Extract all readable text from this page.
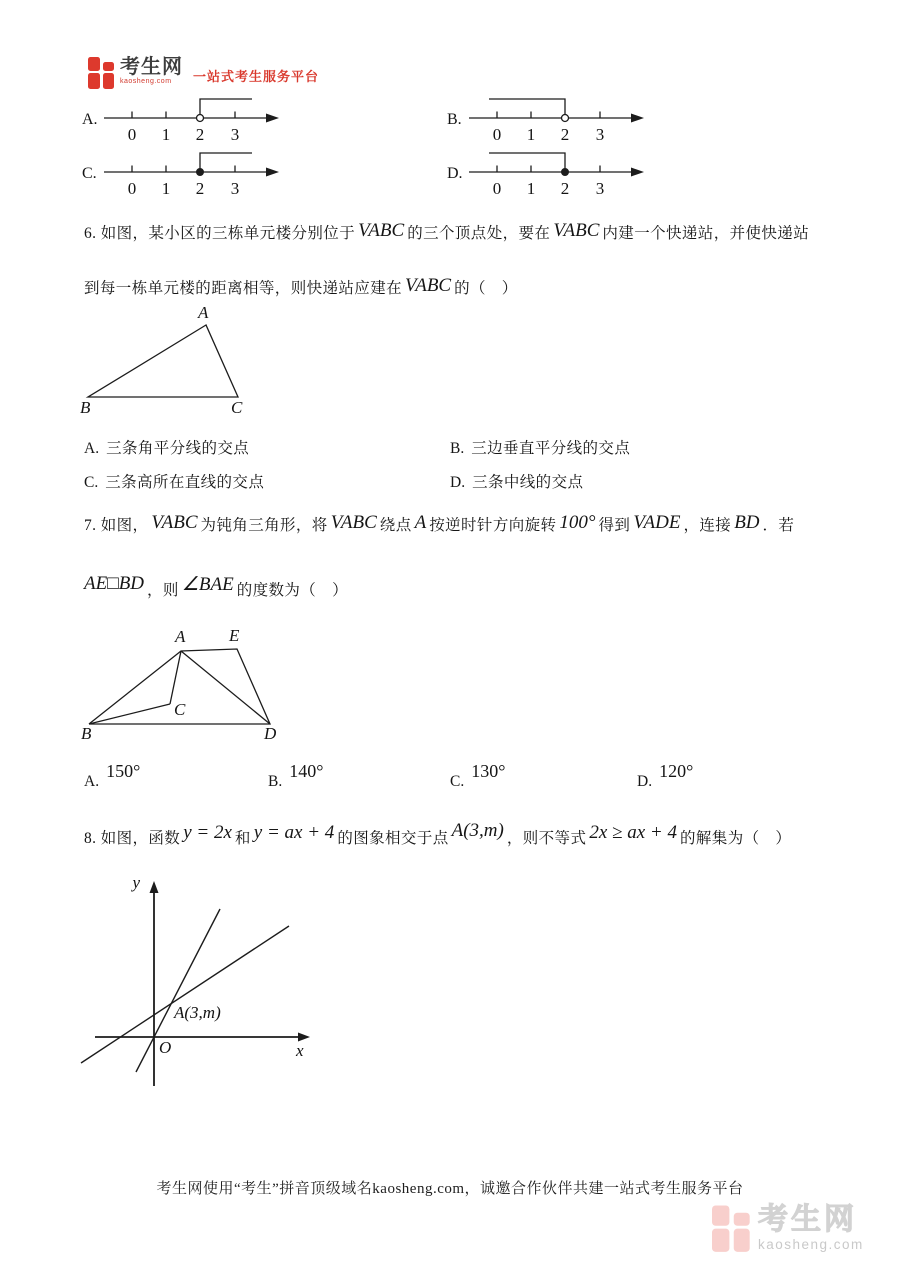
考生网
kaosheng.com	一站式考生服务平台
A.
0 1 2 3
B.
0 1 2 3
C.
0 1 2 3
D.
0 1 2 3
6. 如图，某小区的三栋单元楼分别位于 VABC 的三个顶点处，要在 VABC 内建一个快递站，并使快递站
到每一栋单元楼的距离相等，则快递站应建在 VABC 的（　）
A
B	C
A. 三条角平分线的交点	B. 三边垂直平分线的交点
C. 三条高所在直线的交点	D. 三条中线的交点
7. 如图， VABC 为钝角三角形，将 VABC 绕点 A 按逆时针方向旋转 100° 得到 VADE ，连接 BD ．若
AE□BD ，则 ∠BAE 的度数为（　）
A	E
B
C
D
A.150°
B.140°
C.130°
D.120°
8. 如图，函数 y = 2x 和 y = ax + 4 的图象相交于点 A(3,m) ，则不等式 2x ≥ ax + 4 的解集为（　）
y
x
O
A(3,m)
考生网使用“考生”拼音顶级域名kaosheng.com，诚邀合作伙伴共建一站式考生服务平台
考生网
kaosheng.com
